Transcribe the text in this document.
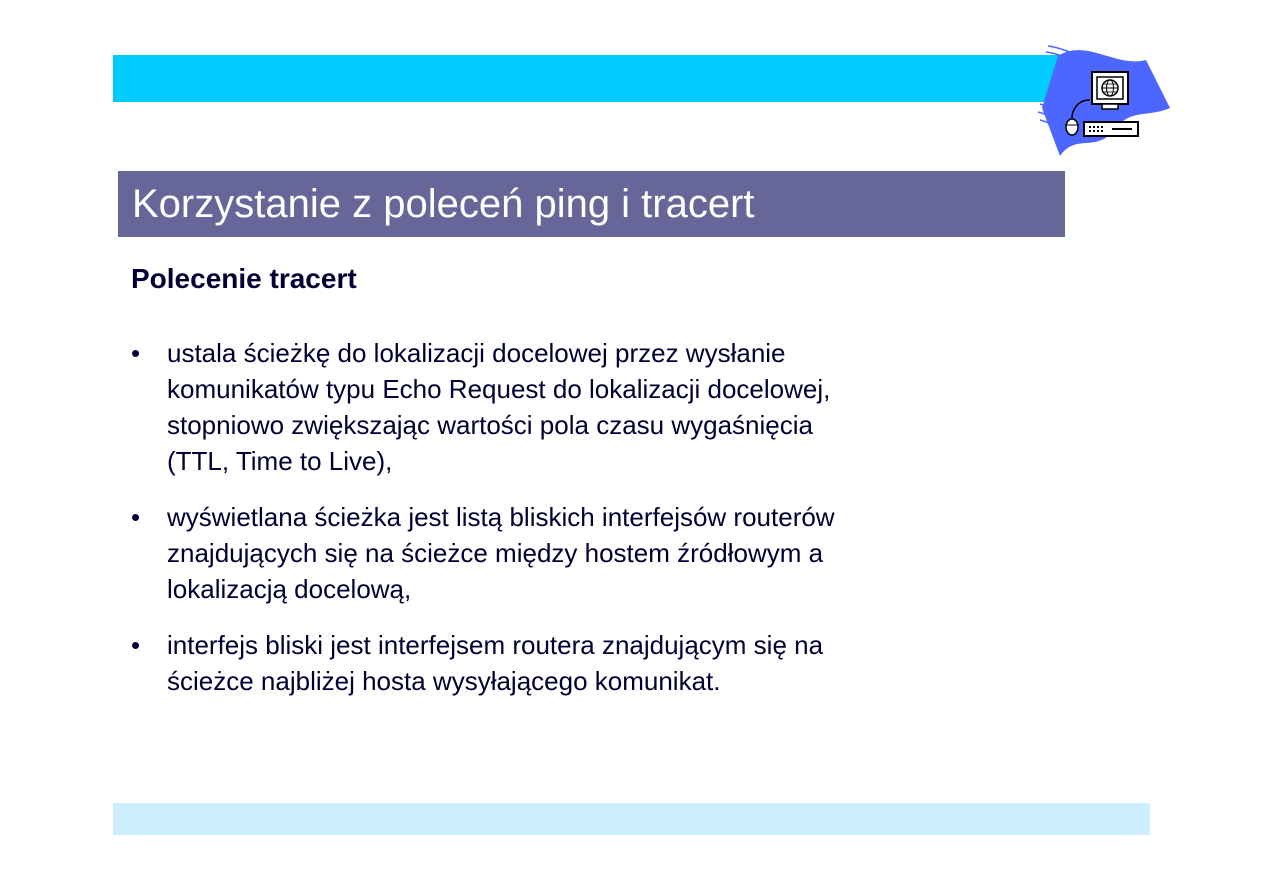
Korzystanie z poleceń ping i tracert
Polecenie tracert
•	ustala ścieżkę do lokalizacji docelowej przez wysłanie
komunikatów typu Echo Request do lokalizacji docelowej,
stopniowo zwiększając wartości pola czasu wygaśnięcia
(TTL, Time to Live),
•	wyświetlana ścieżka jest listą bliskich interfejsów routerów
znajdujących się na ścieżce między hostem źródłowym a
lokalizacją docelową,
•	interfejs bliski jest interfejsem routera znajdującym się na
ścieżce najbliżej hosta wysyłającego komunikat.
